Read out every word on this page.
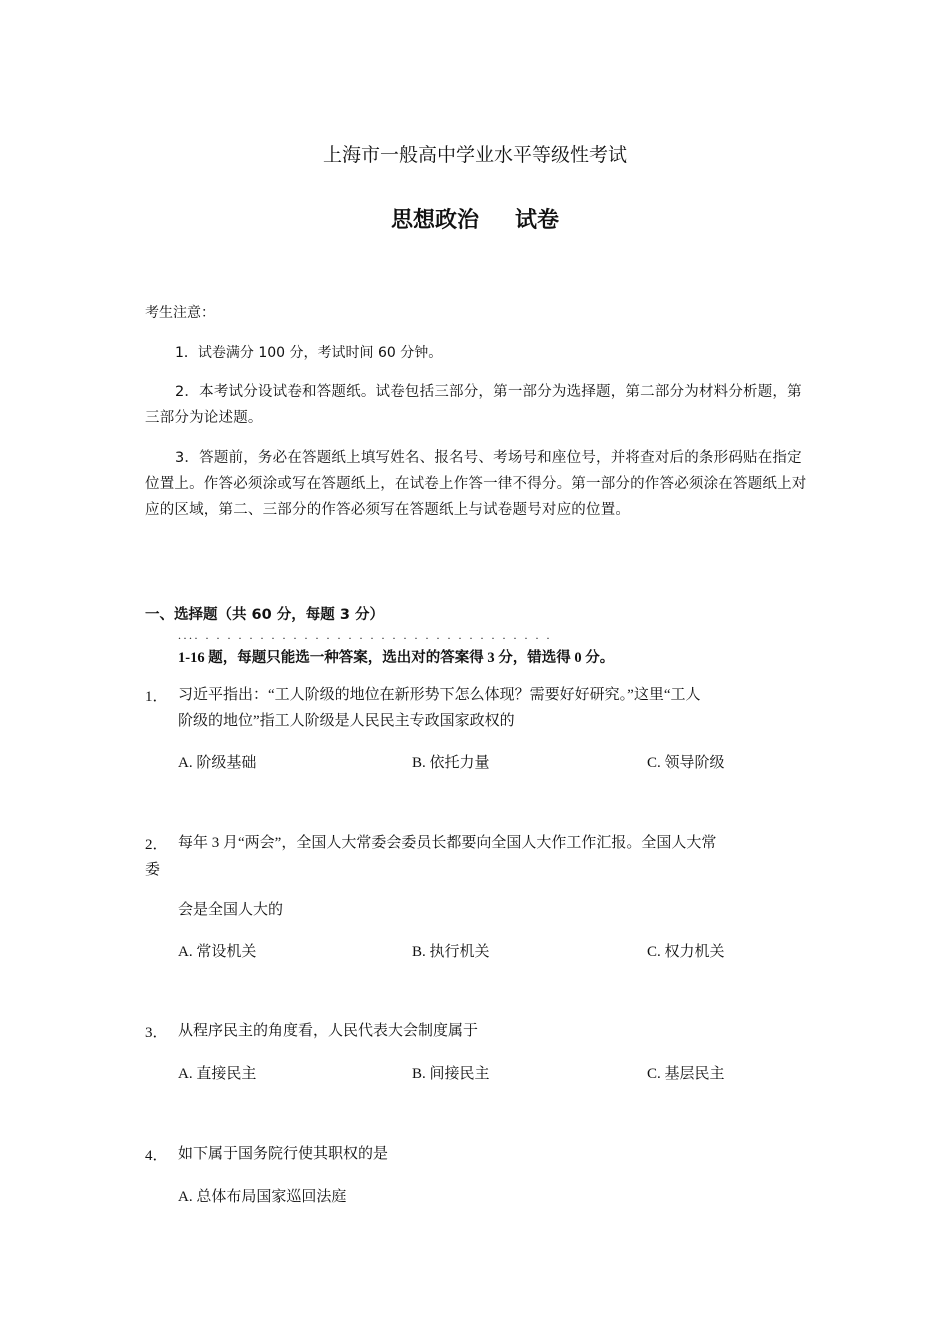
上海市一般高中学业水平等级性考试
思想政治 试卷
考生注意：
1．试卷满分 100 分，考试时间 60 分钟。
2．本考试分设试卷和答题纸。试卷包括三部分，第一部分为选择题，第二部分为材料分析题，第三部分为论述题。
3．答题前，务必在答题纸上填写姓名、报名号、考场号和座位号，并将查对后的条形码贴在指定位置上。作答必须涂或写在答题纸上，在试卷上作答一律不得分。第一部分的作答必须涂在答题纸上对应的区域，第二、三部分的作答必须写在答题纸上与试卷题号对应的位置。
一、选择题（共 60 分，每题 3 分）
.... . . . . . . . . . . . . . . . . . . . . . . . . . . . . . . . .
1-16 题，每题只能选一种答案，选出对的答案得 3 分，错选得 0 分。
1． 习近平指出：“工人阶级的地位在新形势下怎么体现？需要好好研究。”这里“工人
阶级的地位”指工人阶级是人民民主专政国家政权的
A. 阶级基础	B. 依托力量	C. 领导阶级
2． 每年 3 月“两会”，全国人大常委会委员长都要向全国人大作工作汇报。全国人大常
委
会是全国人大的
A. 常设机关	B. 执行机关	C. 权力机关
3． 从程序民主的角度看，人民代表大会制度属于
A. 直接民主	B. 间接民主	C. 基层民主
4． 如下属于国务院行使其职权的是
A. 总体布局国家巡回法庭
